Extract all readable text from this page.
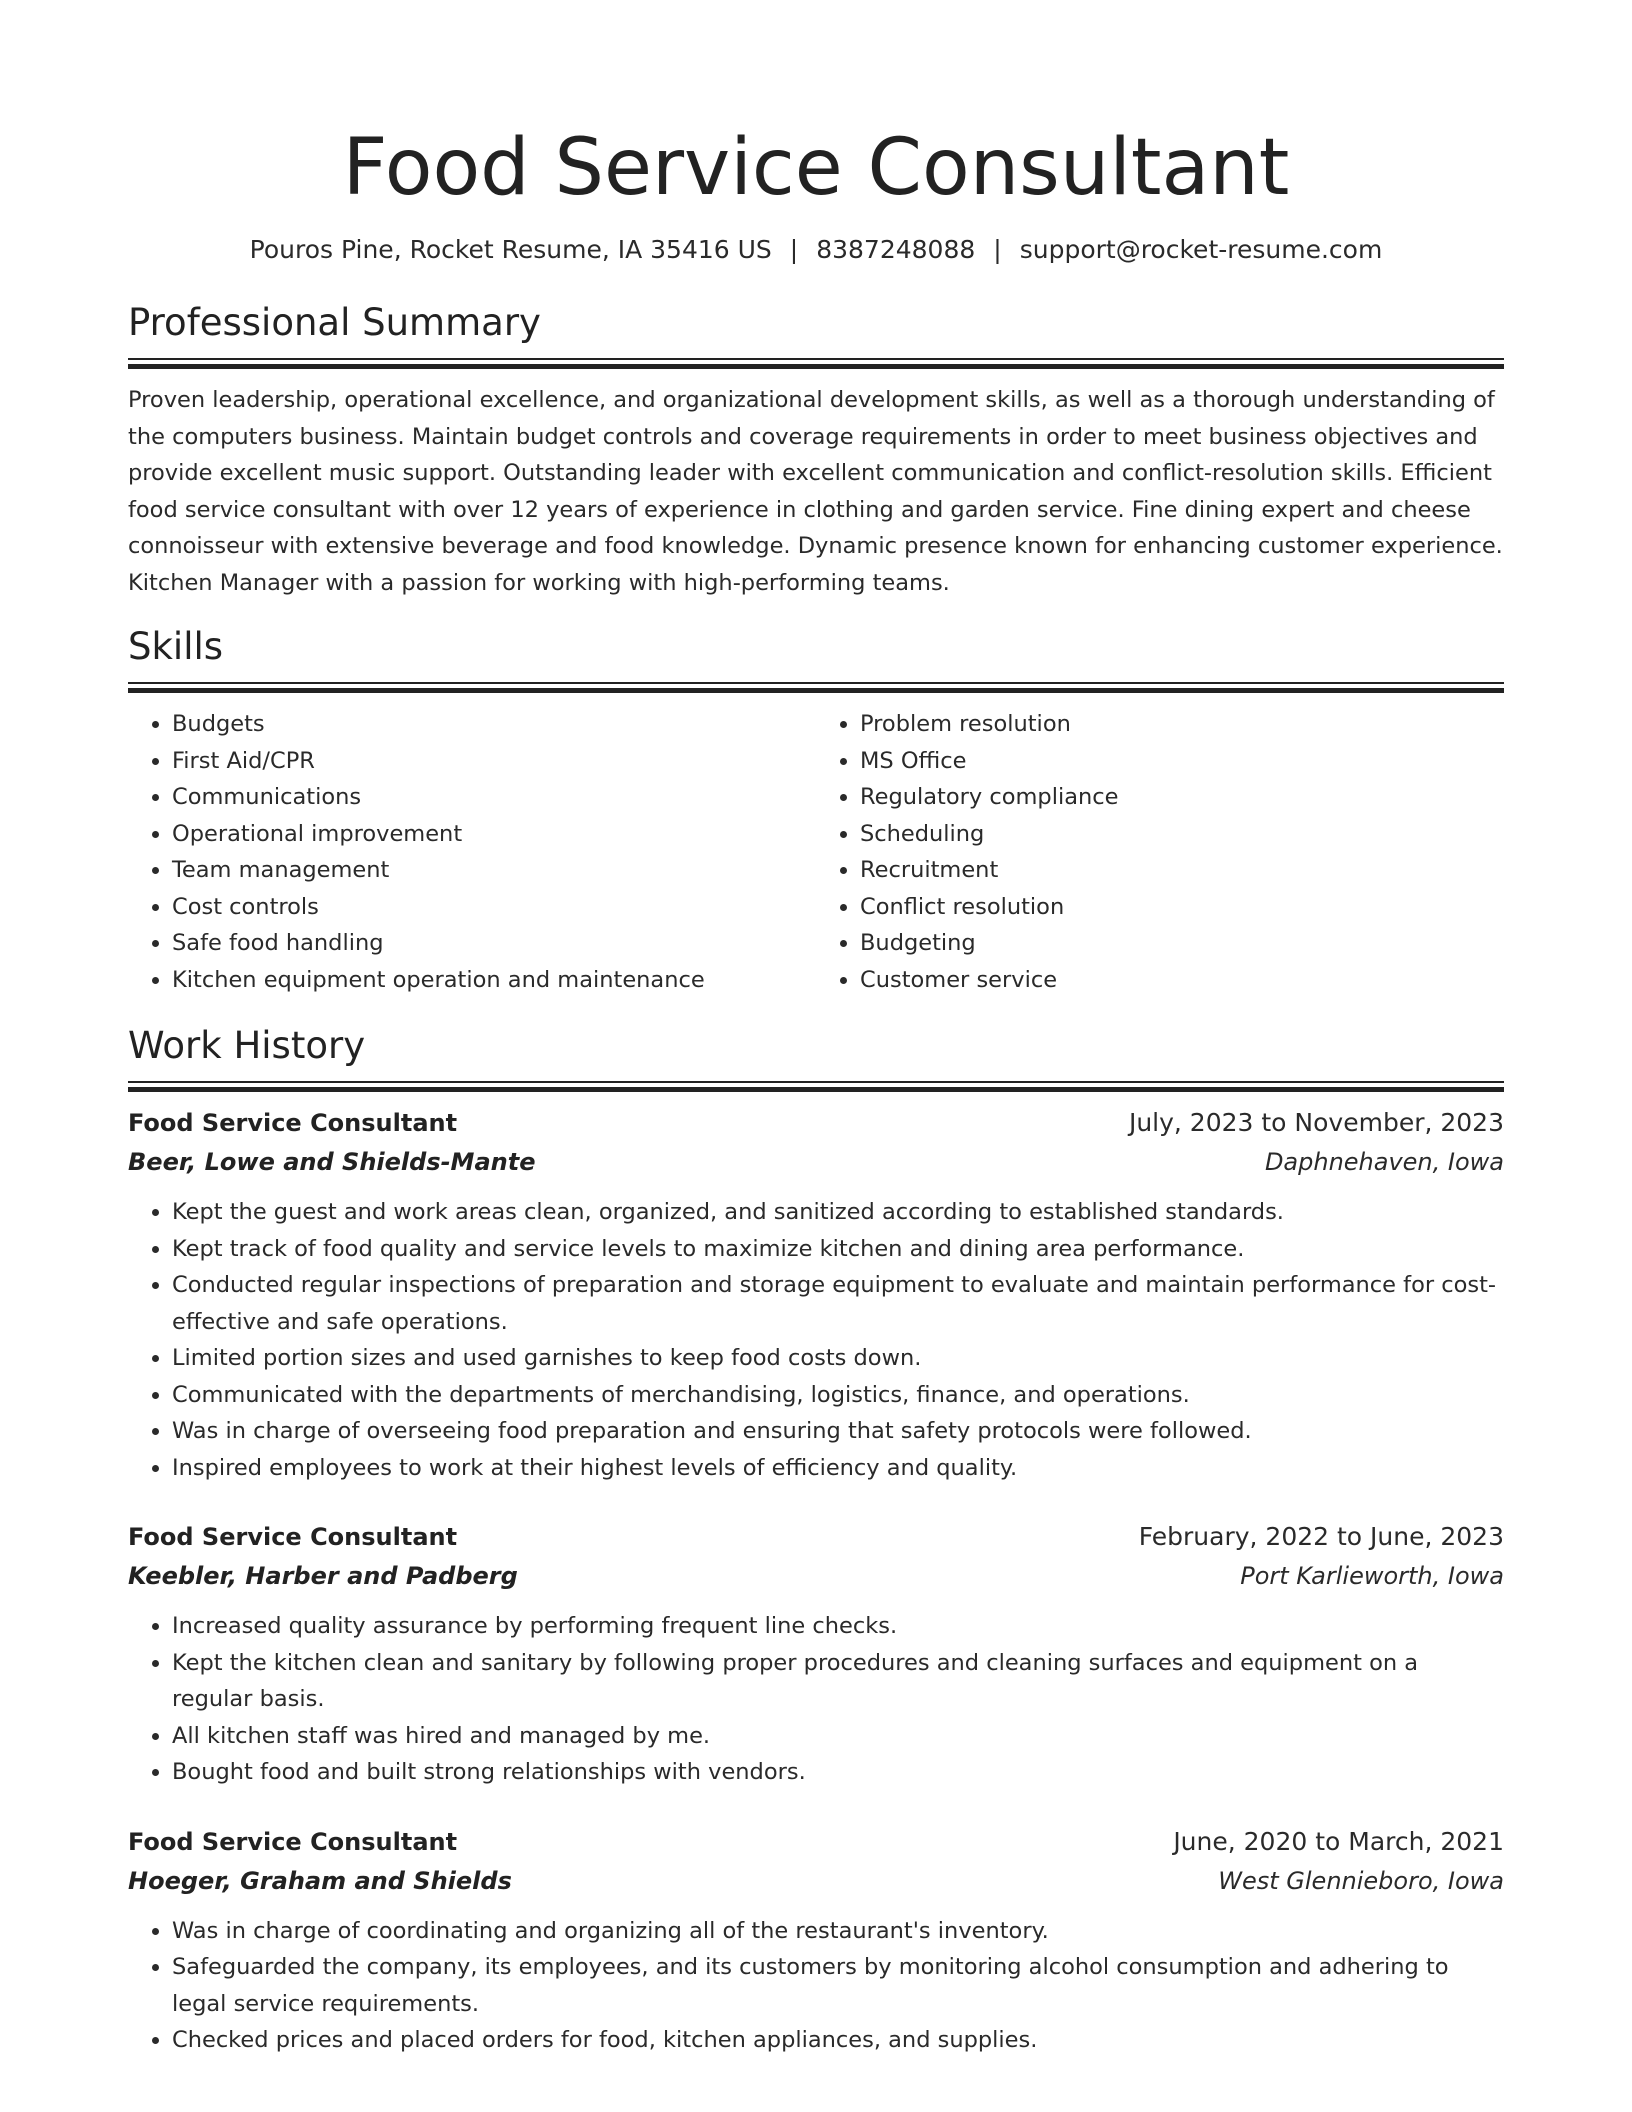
Food Service Consultant
Pouros Pine, Rocket Resume, IA 35416 US | 8387248088 | support@rocket-resume.com
Professional Summary

Proven leadership, operational excellence, and organizational development skills, as well as a thorough understanding of the computers business. Maintain budget controls and coverage requirements in order to meet business objectives and provide excellent music support. Outstanding leader with excellent communication and conflict-resolution skills. Efficient food service consultant with over 12 years of experience in clothing and garden service. Fine dining expert and cheese connoisseur with extensive beverage and food knowledge. Dynamic presence known for enhancing customer experience. Kitchen Manager with a passion for working with high-performing teams.

Skills
• Budgets
• First Aid/CPR
• Communications
• Operational improvement
• Team management
• Cost controls
• Safe food handling
• Kitchen equipment operation and maintenance
• Problem resolution
• MS Office
• Regulatory compliance
• Scheduling
• Recruitment
• Conflict resolution
• Budgeting
• Customer service
Work History
Food Service Consultant	July, 2023 to November, 2023
Beer, Lowe and Shields-Mante	Daphnehaven, Iowa
• Kept the guest and work areas clean, organized, and sanitized according to established standards.
• Kept track of food quality and service levels to maximize kitchen and dining area performance.
• Conducted regular inspections of preparation and storage equipment to evaluate and maintain performance for cost-effective and safe operations.
• Limited portion sizes and used garnishes to keep food costs down.
• Communicated with the departments of merchandising, logistics, finance, and operations.
• Was in charge of overseeing food preparation and ensuring that safety protocols were followed.
• Inspired employees to work at their highest levels of efficiency and quality.
Food Service Consultant	February, 2022 to June, 2023
Keebler, Harber and Padberg	Port Karlieworth, Iowa
• Increased quality assurance by performing frequent line checks.
• Kept the kitchen clean and sanitary by following proper procedures and cleaning surfaces and equipment on a regular basis.
• All kitchen staff was hired and managed by me.
• Bought food and built strong relationships with vendors.
Food Service Consultant	June, 2020 to March, 2021
Hoeger, Graham and Shields	West Glennieboro, Iowa
• Was in charge of coordinating and organizing all of the restaurant's inventory.
• Safeguarded the company, its employees, and its customers by monitoring alcohol consumption and adhering to legal service requirements.
• Checked prices and placed orders for food, kitchen appliances, and supplies.
